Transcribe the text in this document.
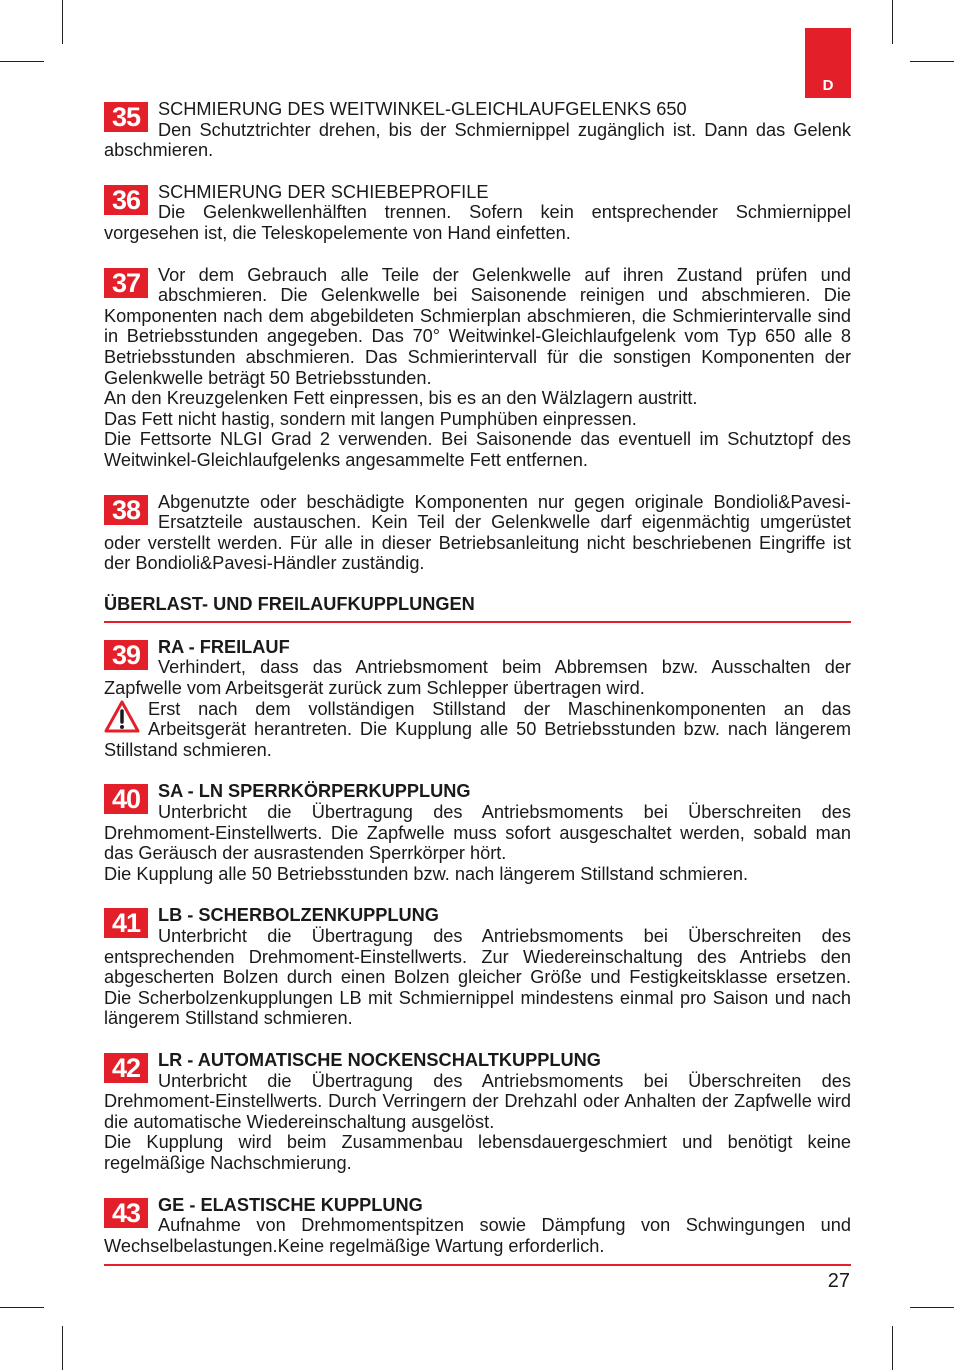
D
35 SCHMIERUNG DES WEITWINKEL-GLEICHLAUFGELENKS 650

Den Schutztrichter drehen, bis der Schmiernippel zugänglich ist. Dann das Gelenk abschmieren.

36 SCHMIERUNG DER SCHIEBEPROFILE

Die Gelenkwellenhälften trennen. Sofern kein entsprechender Schmiernippel vorgesehen ist, die Teleskopelemente von Hand einfetten.

37 Vor dem Gebrauch alle Teile der Gelenkwelle auf ihren Zustand prüfen und abschmieren. Die Gelenkwelle bei Saisonende reinigen und abschmieren. Die Komponenten nach dem abgebildeten Schmierplan abschmieren, die Schmierintervalle sind in Betriebsstunden angegeben. Das 70° Weitwinkel-Gleichlaufgelenk vom Typ 650 alle 8 Betriebsstunden abschmieren. Das Schmierintervall für die sonstigen Komponenten der Gelenkwelle beträgt 50 Betriebsstunden.

An den Kreuzgelenken Fett einpressen, bis es an den Wälzlagern austritt.

Das Fett nicht hastig, sondern mit langen Pumphüben einpressen.

Die Fettsorte NLGI Grad 2 verwenden. Bei Saisonende das eventuell im Schutztopf des Weitwinkel-Gleichlaufgelenks angesammelte Fett entfernen.

38 Abgenutzte oder beschädigte Komponenten nur gegen originale Bondioli&Pavesi-Ersatzteile austauschen. Kein Teil der Gelenkwelle darf eigenmächtig umgerüstet oder verstellt werden. Für alle in dieser Betriebsanleitung nicht beschriebenen Eingriffe ist der Bondioli&Pavesi-Händler zuständig.

ÜBERLAST- UND FREILAUFKUPPLUNGEN
39 RA - FREILAUF

Verhindert, dass das Antriebsmoment beim Abbremsen bzw. Ausschalten der Zapfwelle vom Arbeitsgerät zurück zum Schlepper übertragen wird.

Erst nach dem vollständigen Stillstand der Maschinenkomponenten an das Arbeitsgerät herantreten. Die Kupplung alle 50 Betriebsstunden bzw. nach längerem Stillstand schmieren.

40 SA - LN SPERRKÖRPERKUPPLUNG

Unterbricht die Übertragung des Antriebsmoments bei Überschreiten des Drehmoment-Einstellwerts. Die Zapfwelle muss sofort ausgeschaltet werden, sobald man das Geräusch der ausrastenden Sperrkörper hört.

Die Kupplung alle 50 Betriebsstunden bzw. nach längerem Stillstand schmieren.

41 LB - SCHERBOLZENKUPPLUNG

Unterbricht die Übertragung des Antriebsmoments bei Überschreiten des entsprechenden Drehmoment-Einstellwerts. Zur Wiedereinschaltung des Antriebs den abgescherten Bolzen durch einen Bolzen gleicher Größe und Festigkeitsklasse ersetzen. Die Scherbolzenkupplungen LB mit Schmiernippel mindestens einmal pro Saison und nach längerem Stillstand schmieren.

42 LR - AUTOMATISCHE NOCKENSCHALTKUPPLUNG

Unterbricht die Übertragung des Antriebsmoments bei Überschreiten des Drehmoment-Einstellwerts. Durch Verringern der Drehzahl oder Anhalten der Zapfwelle wird die automatische Wiedereinschaltung ausgelöst.

Die Kupplung wird beim Zusammenbau lebensdauergeschmiert und benötigt keine regelmäßige Nachschmierung.

43 GE - ELASTISCHE KUPPLUNG

Aufnahme von Drehmomentspitzen sowie Dämpfung von Schwingungen und Wechselbelastungen.Keine regelmäßige Wartung erforderlich.

27
